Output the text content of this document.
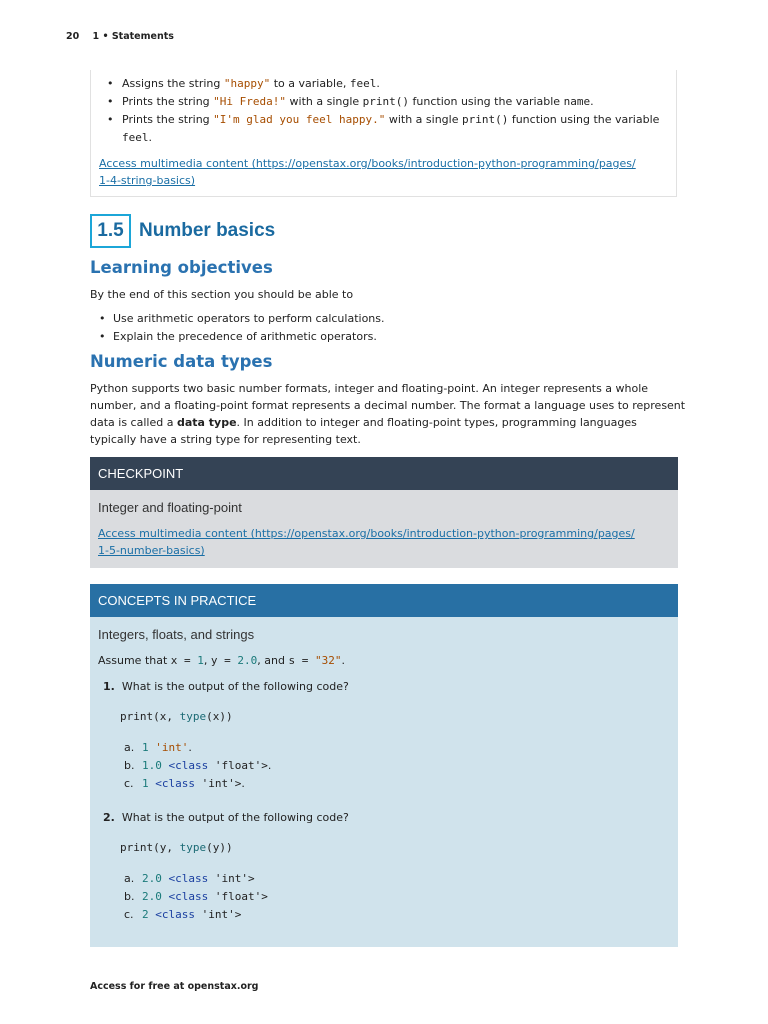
20 1 • Statements
• Assigns the string "happy" to a variable, feel.
• Prints the string "Hi Freda!" with a single print() function using the variable name.
• Prints the string "I'm glad you feel happy." with a single print() function using the variable feel.
Access multimedia content (https://openstax.org/books/introduction-python-programming/pages/
1-4-string-basics)
1.5 Number basics
Learning objectives

By the end of this section you should be able to

• Use arithmetic operators to perform calculations.
• Explain the precedence of arithmetic operators.
Numeric data types

Python supports two basic number formats, integer and floating-point. An integer represents a whole number, and a floating-point format represents a decimal number. The format a language uses to represent data is called a data type. In addition to integer and floating-point types, programming languages typically have a string type for representing text.

CHECKPOINT
Integer and floating-point
Access multimedia content (https://openstax.org/books/introduction-python-programming/pages/
1-5-number-basics)
CONCEPTS IN PRACTICE
Integers, floats, and strings
Assume that x = 1, y = 2.0, and s = "32".
1. What is the output of the following code?
print(x, type(x))
a. 1 'int'.
b. 1.0 <class 'float'>.
c. 1 <class 'int'>.
2. What is the output of the following code?
print(y, type(y))
a. 2.0 <class 'int'>
b. 2.0 <class 'float'>
c. 2 <class 'int'>
Access for free at openstax.org
